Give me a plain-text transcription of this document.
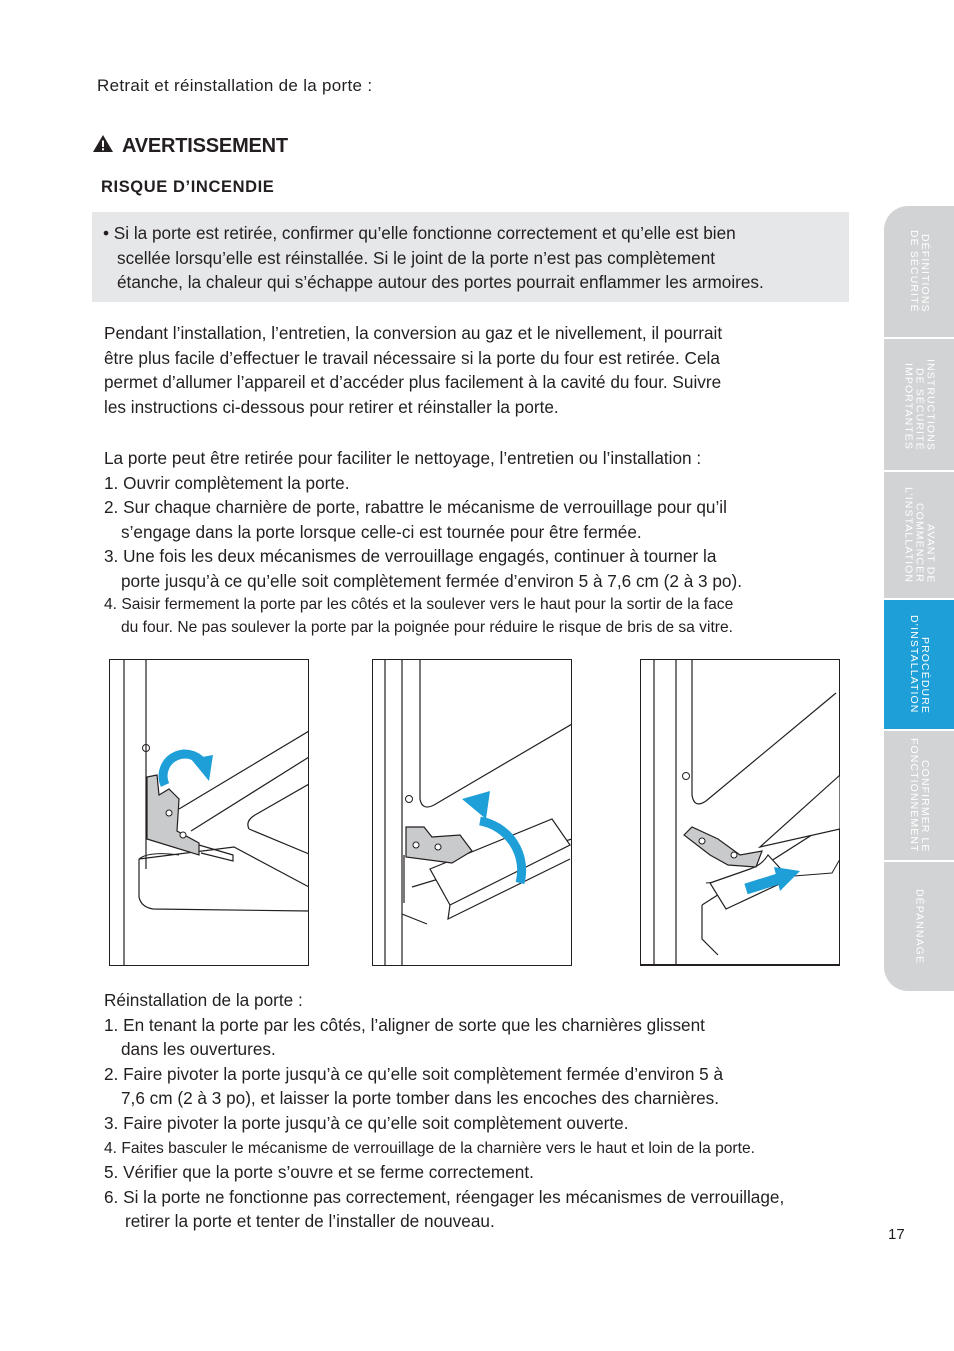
Retrait et réinstallation de la porte :
AVERTISSEMENT
RISQUE D’INCENDIE
• Si la porte est retirée, confirmer qu’elle fonctionne correctement et qu’elle est bien

scellée lorsqu’elle est réinstallée. Si le joint de la porte n’est pas complètement
étanche, la chaleur qui s’échappe autour des portes pourrait enflammer les armoires.
Pendant l’installation, l’entretien, la conversion au gaz et le nivellement, il pourrait
être plus facile d’effectuer le travail nécessaire si la porte du four est retirée. Cela
permet d’allumer l’appareil et d’accéder plus facilement à la cavité du four. Suivre
les instructions ci-dessous pour retirer et réinstaller la porte.
La porte peut être retirée pour faciliter le nettoyage, l’entretien ou l’installation :
1. Ouvrir complètement la porte.
2. Sur chaque charnière de porte, rabattre le mécanisme de verrouillage pour qu’il
s’engage dans la porte lorsque celle-ci est tournée pour être fermée.
3. Une fois les deux mécanismes de verrouillage engagés, continuer à tourner la
porte jusqu’à ce qu’elle soit complètement fermée d’environ 5 à 7,6 cm (2 à 3 po).
4. Saisir fermement la porte par les côtés et la soulever vers le haut pour la sortir de la face
du four. Ne pas soulever la porte par la poignée pour réduire le risque de bris de sa vitre.
Réinstallation de la porte :
1. En tenant la porte par les côtés, l’aligner de sorte que les charnières glissent
dans les ouvertures.
2. Faire pivoter la porte jusqu’à ce qu’elle soit complètement fermée d’environ 5 à
7,6 cm (2 à 3 po), et laisser la porte tomber dans les encoches des charnières.
3. Faire pivoter la porte jusqu’à ce qu’elle soit complètement ouverte.
4. Faites basculer le mécanisme de verrouillage de la charnière vers le haut et loin de la porte.
5. Vérifier que la porte s’ouvre et se ferme correctement.
6. Si la porte ne fonctionne pas correctement, réengager les mécanismes de verrouillage,
retirer la porte et tenter de l’installer de nouveau.
DÉFINITIONS
DE SÉCURITÉ
INSTRUCTIONS
DE SÉCURITÉ
IMPORTANTES
AVANT DE
COMMENCER
L’INSTALLATION
PROCÉDURE
D’INSTALLATION
CONFIRMER LE
FONCTIONNEMENT
DÉPANNAGE
17
